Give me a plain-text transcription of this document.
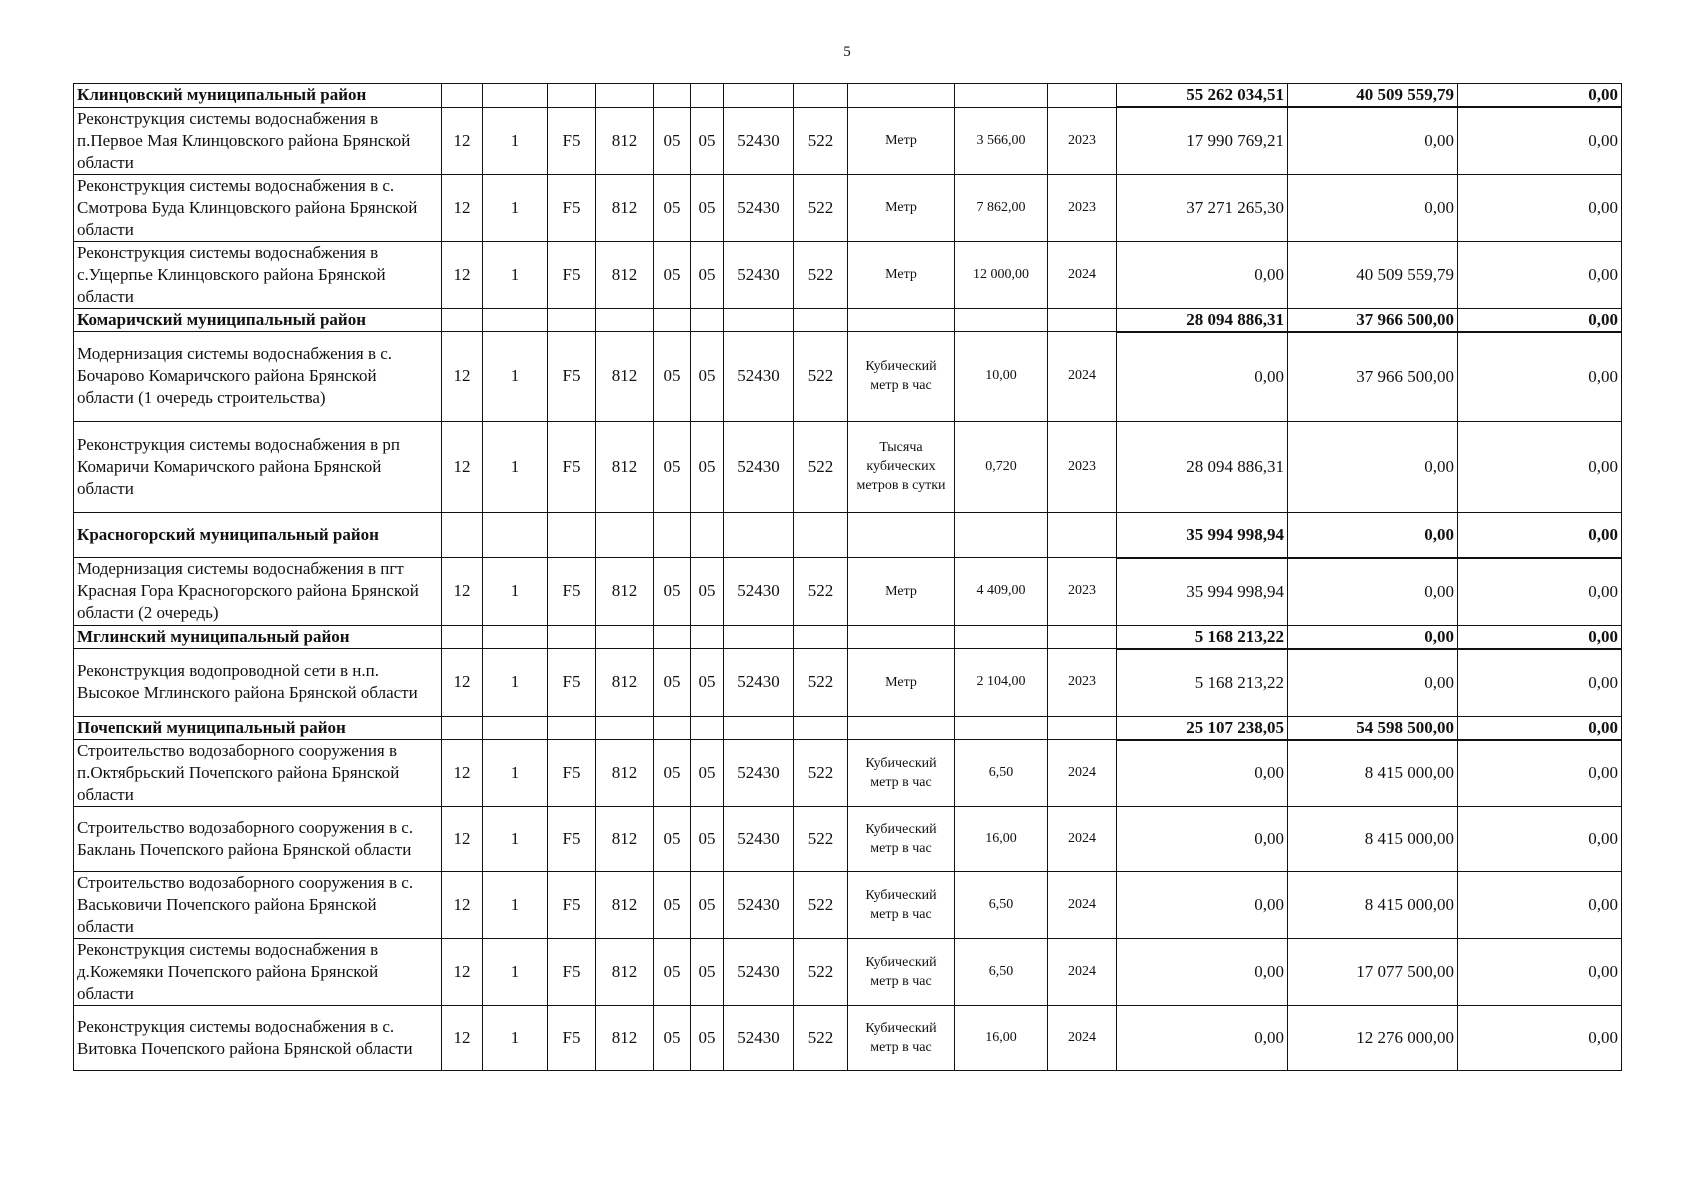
5
Клинцовский муниципальный район												55 262 034,51	40 509 559,79	0,00
Реконструкция системы водоснабжения в п.Первое Мая Клинцовского района Брянской области	12	1	F5	812	05	05	52430	522	Метр	3 566,00	2023	17 990 769,21	0,00	0,00
Реконструкция системы водоснабжения в с. Смотрова Буда Клинцовского района Брянской области	12	1	F5	812	05	05	52430	522	Метр	7 862,00	2023	37 271 265,30	0,00	0,00
Реконструкция системы водоснабжения в с.Ущерпье Клинцовского района Брянской области	12	1	F5	812	05	05	52430	522	Метр	12 000,00	2024	0,00	40 509 559,79	0,00
Комаричский муниципальный район												28 094 886,31	37 966 500,00	0,00
Модернизация системы водоснабжения в с. Бочарово Комаричского района Брянской области (1 очередь строительства)	12	1	F5	812	05	05	52430	522	Кубический метр в час	10,00	2024	0,00	37 966 500,00	0,00
Реконструкция системы водоснабжения в рп Комаричи Комаричского района Брянской области	12	1	F5	812	05	05	52430	522	Тысяча кубических метров в сутки	0,720	2023	28 094 886,31	0,00	0,00
Красногорский муниципальный район												35 994 998,94	0,00	0,00
Модернизация системы водоснабжения в пгт Красная Гора Красногорского района Брянской области (2 очередь)	12	1	F5	812	05	05	52430	522	Метр	4 409,00	2023	35 994 998,94	0,00	0,00
Мглинский муниципальный район												5 168 213,22	0,00	0,00
Реконструкция водопроводной сети в н.п. Высокое Мглинского района Брянской области	12	1	F5	812	05	05	52430	522	Метр	2 104,00	2023	5 168 213,22	0,00	0,00
Почепский муниципальный район												25 107 238,05	54 598 500,00	0,00
Строительство водозаборного сооружения в п.Октябрьский Почепского района Брянской области	12	1	F5	812	05	05	52430	522	Кубический метр в час	6,50	2024	0,00	8 415 000,00	0,00
Строительство водозаборного сооружения в с. Баклань Почепского района Брянской области	12	1	F5	812	05	05	52430	522	Кубический метр в час	16,00	2024	0,00	8 415 000,00	0,00
Строительство водозаборного сооружения в с. Васьковичи Почепского района Брянской области	12	1	F5	812	05	05	52430	522	Кубический метр в час	6,50	2024	0,00	8 415 000,00	0,00
Реконструкция системы водоснабжения в д.Кожемяки Почепского района Брянской области	12	1	F5	812	05	05	52430	522	Кубический метр в час	6,50	2024	0,00	17 077 500,00	0,00
Реконструкция системы водоснабжения в с. Витовка Почепского района Брянской области	12	1	F5	812	05	05	52430	522	Кубический метр в час	16,00	2024	0,00	12 276 000,00	0,00
